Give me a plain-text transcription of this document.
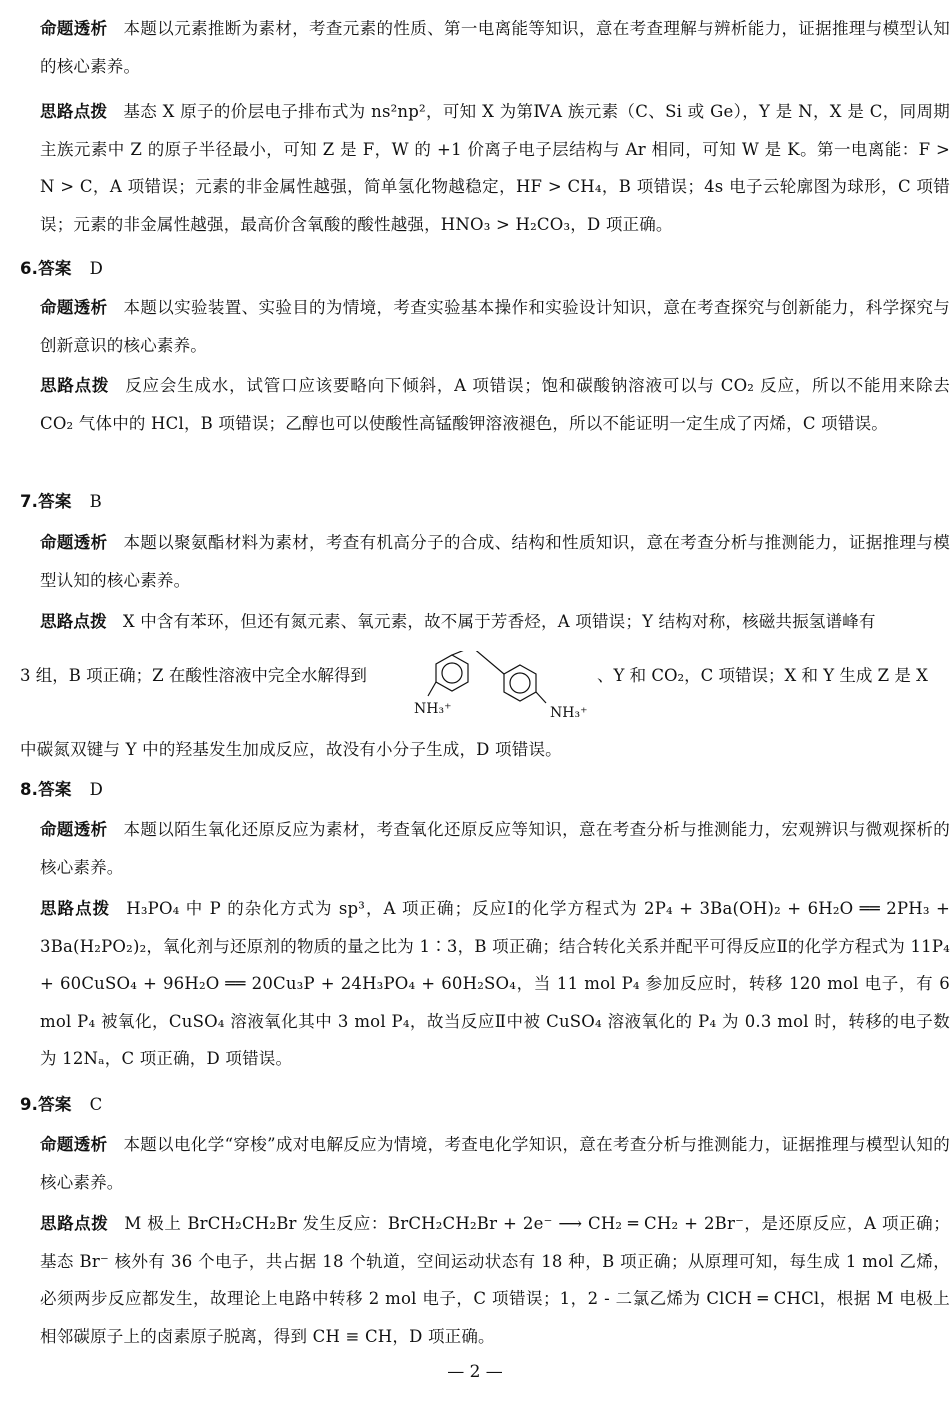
命题透析 本题以元素推断为素材，考查元素的性质、第一电离能等知识，意在考查理解与辨析能力，证据推理与模型认知的核心素养。
思路点拨 基态 X 原子的价层电子排布式为 ns²np²，可知 X 为第ⅣA 族元素（C、Si 或 Ge），Y 是 N，X 是 C，同周期主族元素中 Z 的原子半径最小，可知 Z 是 F，W 的 +1 价离子电子层结构与 Ar 相同，可知 W 是 K。第一电离能：F > N > C，A 项错误；元素的非金属性越强，简单氢化物越稳定，HF > CH₄，B 项错误；4s 电子云轮廓图为球形，C 项错误；元素的非金属性越强，最高价含氧酸的酸性越强，HNO₃ > H₂CO₃，D 项正确。
6.答案 D
命题透析 本题以实验装置、实验目的为情境，考查实验基本操作和实验设计知识，意在考查探究与创新能力，科学探究与创新意识的核心素养。
思路点拨 反应会生成水，试管口应该要略向下倾斜，A 项错误；饱和碳酸钠溶液可以与 CO₂ 反应，所以不能用来除去 CO₂ 气体中的 HCl，B 项错误；乙醇也可以使酸性高锰酸钾溶液褪色，所以不能证明一定生成了丙烯，C 项错误。
7.答案 B
命题透析 本题以聚氨酯材料为素材，考查有机高分子的合成、结构和性质知识，意在考查分析与推测能力，证据推理与模型认知的核心素养。
思路点拨 X 中含有苯环，但还有氮元素、氧元素，故不属于芳香烃，A 项错误；Y 结构对称，核磁共振氢谱峰有
3 组，B 项正确；Z 在酸性溶液中完全水解得到
NH₃⁺	NH₃⁺
、Y 和 CO₂，C 项错误；X 和 Y 生成 Z 是 X
中碳氮双键与 Y 中的羟基发生加成反应，故没有小分子生成，D 项错误。
8.答案 D
命题透析 本题以陌生氧化还原反应为素材，考查氧化还原反应等知识，意在考查分析与推测能力，宏观辨识与微观探析的核心素养。
思路点拨 H₃PO₄ 中 P 的杂化方式为 sp³，A 项正确；反应Ⅰ的化学方程式为 2P₄ + 3Ba(OH)₂ + 6H₂O ══ 2PH₃ + 3Ba(H₂PO₂)₂，氧化剂与还原剂的物质的量之比为 1∶3，B 项正确；结合转化关系并配平可得反应Ⅱ的化学方程式为 11P₄ + 60CuSO₄ + 96H₂O ══ 20Cu₃P + 24H₃PO₄ + 60H₂SO₄，当 11 mol P₄ 参加反应时，转移 120 mol 电子，有 6 mol P₄ 被氧化，CuSO₄ 溶液氧化其中 3 mol P₄，故当反应Ⅱ中被 CuSO₄ 溶液氧化的 P₄ 为 0.3 mol 时，转移的电子数为 12Nₐ，C 项正确，D 项错误。
9.答案 C
命题透析 本题以电化学“穿梭”成对电解反应为情境，考查电化学知识，意在考查分析与推测能力，证据推理与模型认知的核心素养。
思路点拨 M 极上 BrCH₂CH₂Br 发生反应：BrCH₂CH₂Br + 2e⁻ ⟶ CH₂ ═ CH₂ + 2Br⁻，是还原反应，A 项正确；基态 Br⁻ 核外有 36 个电子，共占据 18 个轨道，空间运动状态有 18 种，B 项正确；从原理可知，每生成 1 mol 乙烯，必须两步反应都发生，故理论上电路中转移 2 mol 电子，C 项错误；1，2 - 二氯乙烯为 ClCH ═ CHCl，根据 M 电极上相邻碳原子上的卤素原子脱离，得到 CH ≡ CH，D 项正确。
— 2 —
